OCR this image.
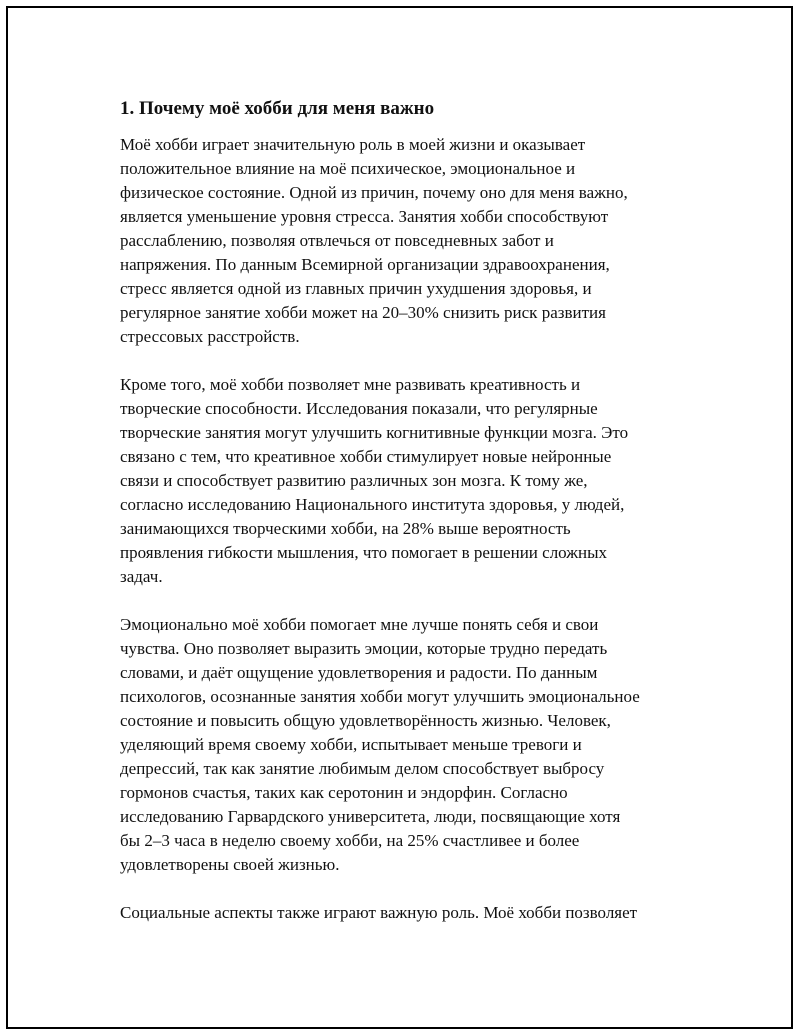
1. Почему моё хобби для меня важно

Моё хобби играет значительную роль в моей жизни и оказывает
положительное влияние на моё психическое, эмоциональное и
физическое состояние. Одной из причин, почему оно для меня важно,
является уменьшение уровня стресса. Занятия хобби способствуют
расслаблению, позволяя отвлечься от повседневных забот и
напряжения. По данным Всемирной организации здравоохранения,
стресс является одной из главных причин ухудшения здоровья, и
регулярное занятие хобби может на 20–30% снизить риск развития
стрессовых расстройств.

Кроме того, моё хобби позволяет мне развивать креативность и
творческие способности. Исследования показали, что регулярные
творческие занятия могут улучшить когнитивные функции мозга. Это
связано с тем, что креативное хобби стимулирует новые нейронные
связи и способствует развитию различных зон мозга. К тому же,
согласно исследованию Национального института здоровья, у людей,
занимающихся творческими хобби, на 28% выше вероятность
проявления гибкости мышления, что помогает в решении сложных
задач.

Эмоционально моё хобби помогает мне лучше понять себя и свои
чувства. Оно позволяет выразить эмоции, которые трудно передать
словами, и даёт ощущение удовлетворения и радости. По данным
психологов, осознанные занятия хобби могут улучшить эмоциональное
состояние и повысить общую удовлетворённость жизнью. Человек,
уделяющий время своему хобби, испытывает меньше тревоги и
депрессий, так как занятие любимым делом способствует выбросу
гормонов счастья, таких как серотонин и эндорфин. Согласно
исследованию Гарвардского университета, люди, посвящающие хотя
бы 2–3 часа в неделю своему хобби, на 25% счастливее и более
удовлетворены своей жизнью.

Социальные аспекты также играют важную роль. Моё хобби позволяет
